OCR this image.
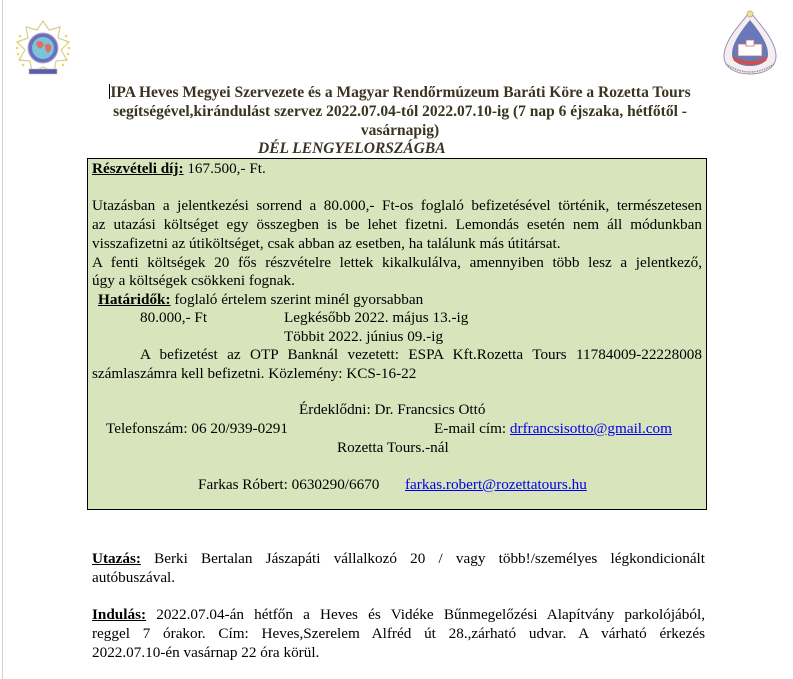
IPA Heves Megyei Szervezete és a Magyar Rendőrmúzeum Baráti Köre a Rozetta Tours
segítségével,kirándulást szervez 2022.07.04-tól 2022.07.10-ig (7 nap 6 éjszaka, hétfőtől -
vasárnapig)
DÉL LENGYELORSZÁGBA
Részvételi díj: 167.500,- Ft.
Utazásban a jelentkezési sorrend a 80.000,- Ft-os foglaló befizetésével történik, természetesen
az utazási költséget egy összegben is be lehet fizetni. Lemondás esetén nem áll módunkban
visszafizetni az útiköltséget, csak abban az esetben, ha találunk más útitársat.
A fenti költségek 20 fős részvételre lettek kikalkulálva, amennyiben több lesz a jelentkező,
úgy a költségek csökkeni fognak.
Határidők: foglaló értelem szerint minél gyorsabban
80.000,- Ft	Legkésőbb 2022. május 13.-ig
Többit 2022. június 09.-ig
A befizetést az OTP Banknál vezetett: ESPA Kft.Rozetta Tours 11784009-22228008
számlaszámra kell befizetni. Közlemény: KCS-16-22
Érdeklődni: Dr. Francsics Ottó
Telefonszám: 06 20/939-0291	E-mail cím: drfrancsisotto@gmail.com
Rozetta Tours.-nál
Farkas Róbert: 0630290/6670 farkas.robert@rozettatours.hu
Utazás: Berki Bertalan Jászapáti vállalkozó 20 / vagy több!/személyes légkondicionált
autóbuszával.
Indulás: 2022.07.04-án hétfőn a Heves és Vidéke Bűnmegelőzési Alapítvány parkolójából,
reggel 7 órakor. Cím: Heves,Szerelem Alfréd út 28.,zárható udvar. A várható érkezés
2022.07.10-én vasárnap 22 óra körül.
